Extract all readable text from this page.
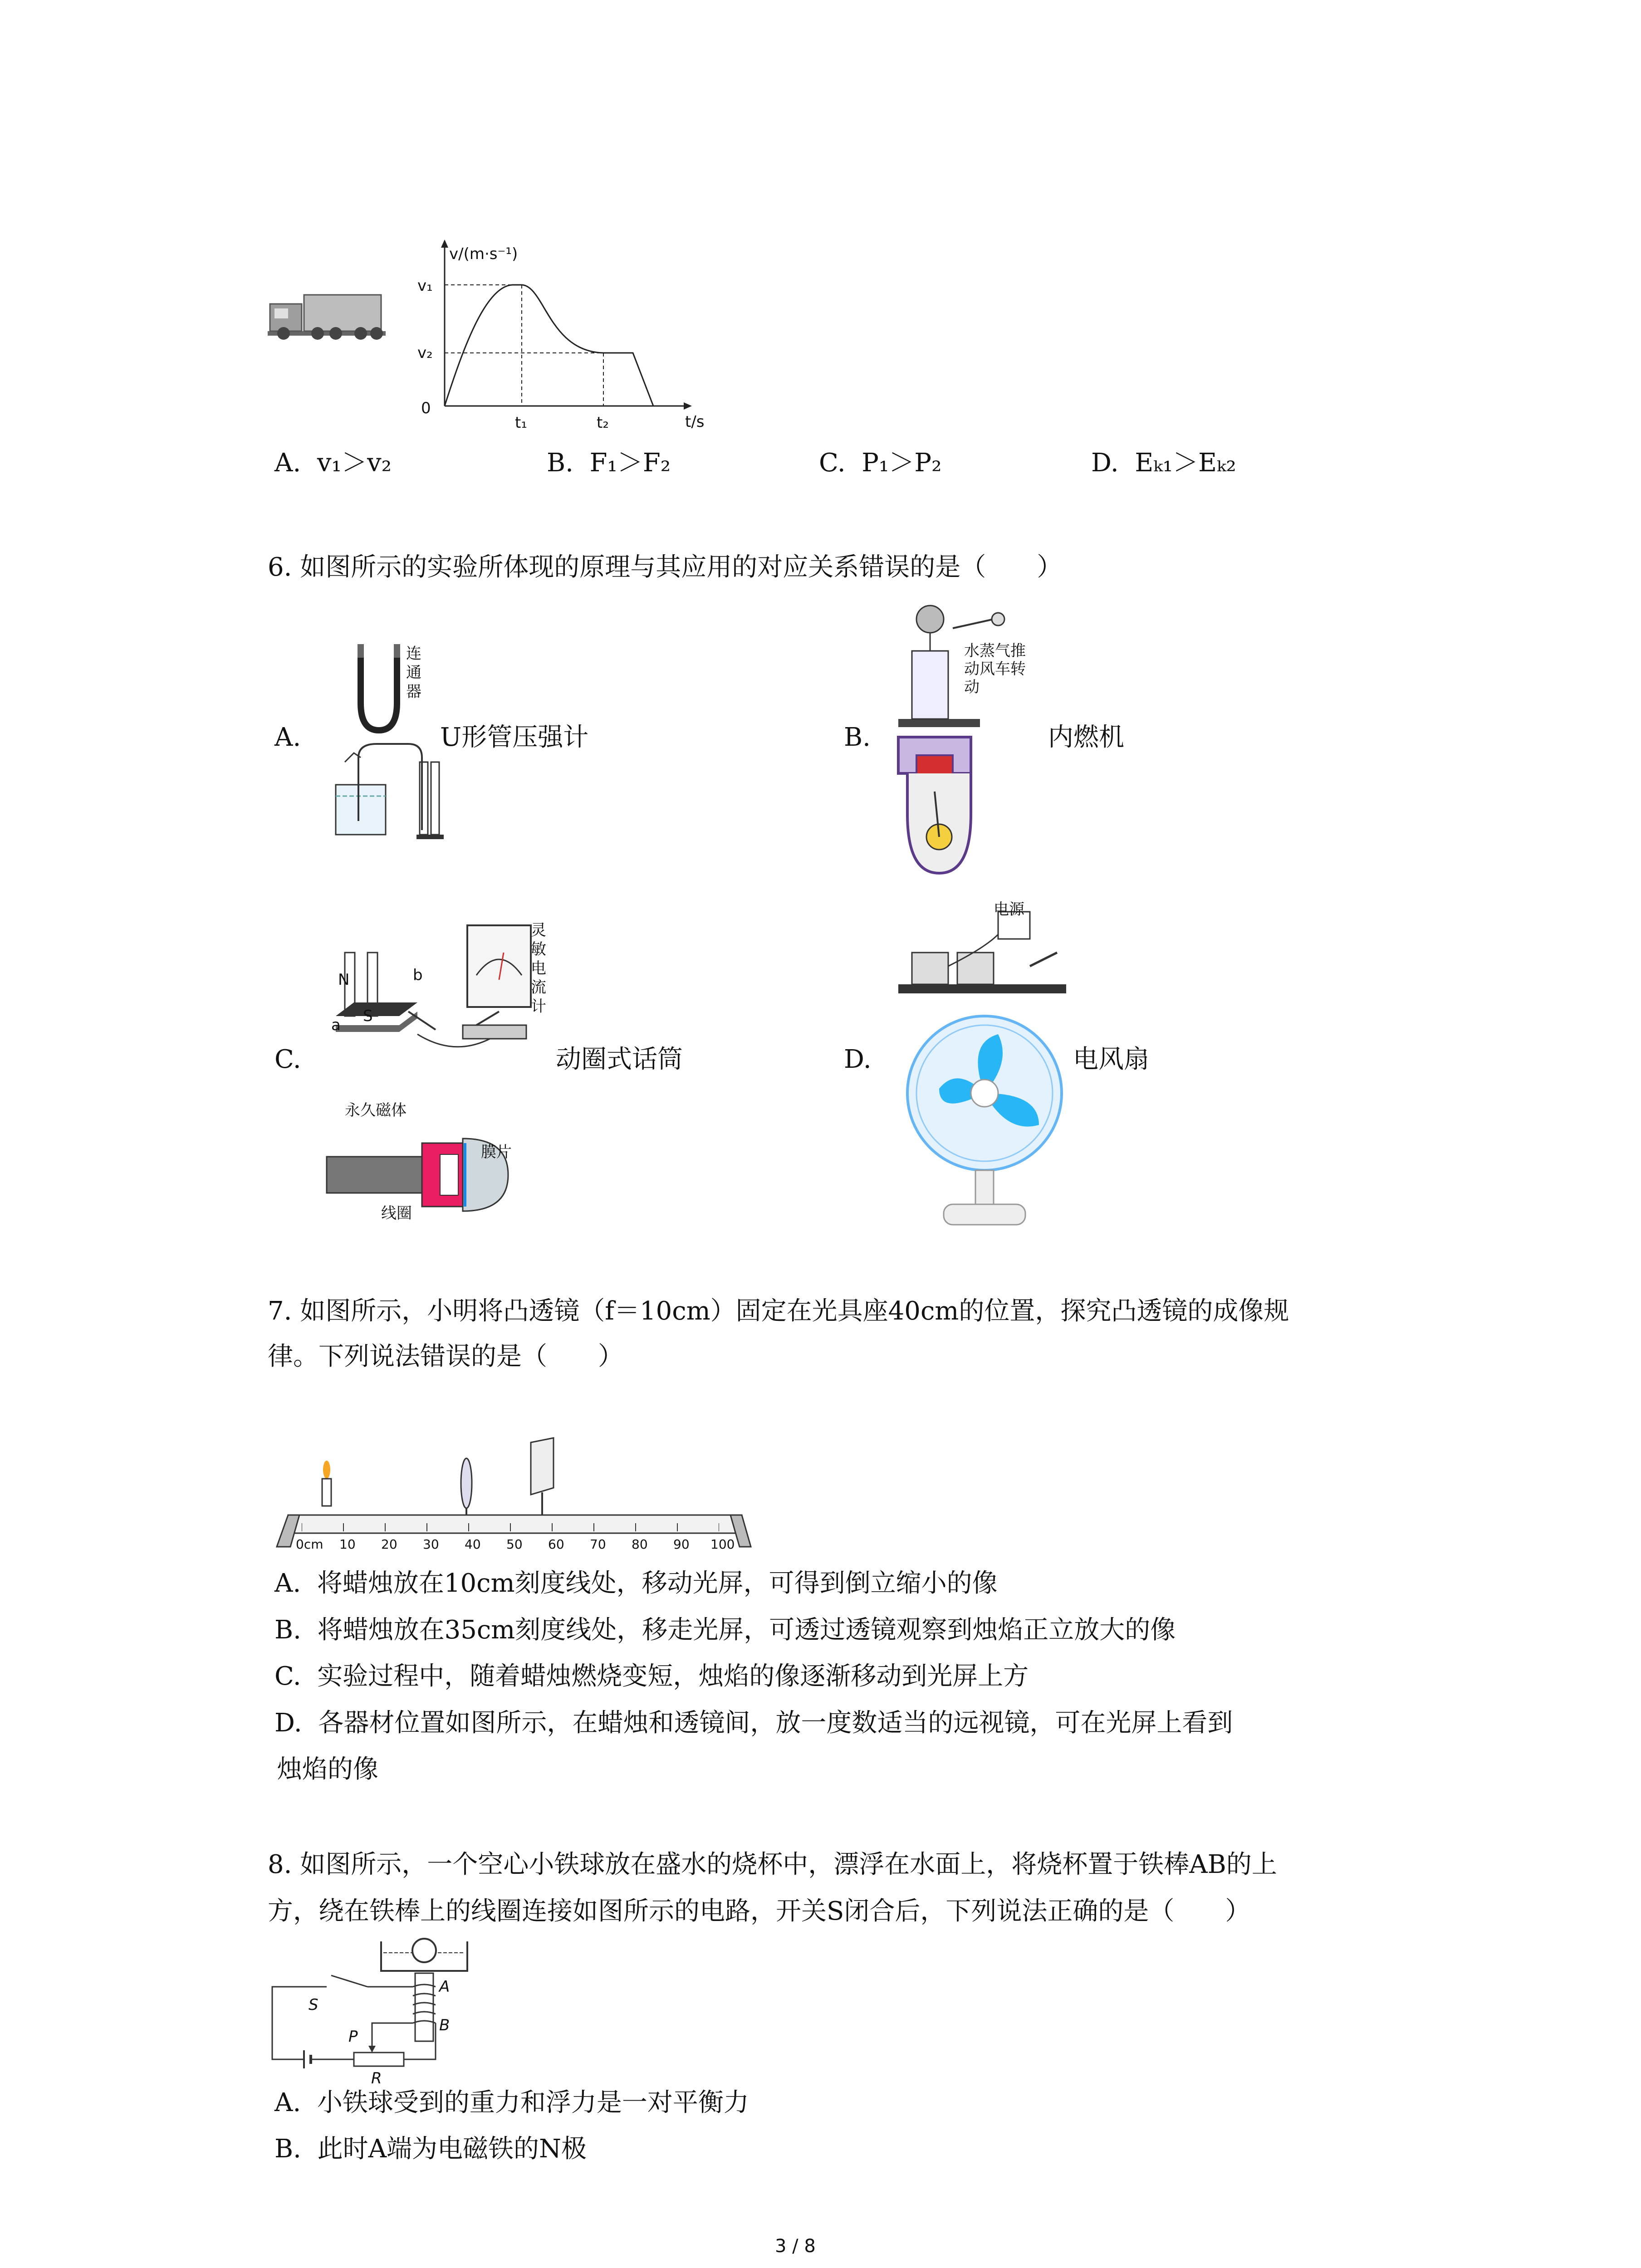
v/(m·s⁻¹)
t/s
v₁
v₂
0
t₁	t₂
A. v₁＞v₂	B. F₁＞F₂	C. P₁＞P₂	D. Eₖ₁＞Eₖ₂
6. 如图所示的实验所体现的原理与其应用的对应关系错误的是（　　）
A.
连通器
U形管压强计	B.
水蒸气推动风车转动
内燃机
C.
N
S
b
a
灵敏电流计
动圈式话筒
永久磁体
膜片
线圈
D.
电源
电风扇
7. 如图所示，小明将凸透镜（f＝10cm）固定在光具座40cm的位置，探究凸透镜的成像规
律。下列说法错误的是（　　）
0cm 10 20 30 40 50 60 70 80 90 100
A. 将蜡烛放在10cm刻度线处，移动光屏，可得到倒立缩小的像
B. 将蜡烛放在35cm刻度线处，移走光屏，可透过透镜观察到烛焰正立放大的像
C. 实验过程中，随着蜡烛燃烧变短，烛焰的像逐渐移动到光屏上方
D. 各器材位置如图所示，在蜡烛和透镜间，放一度数适当的远视镜，可在光屏上看到
烛焰的像
8. 如图所示，一个空心小铁球放在盛水的烧杯中，漂浮在水面上，将烧杯置于铁棒AB的上
方，绕在铁棒上的线圈连接如图所示的电路，开关S闭合后，下列说法正确的是（　　）
S
P
R
A
B
A. 小铁球受到的重力和浮力是一对平衡力
B. 此时A端为电磁铁的N极
3 / 8
